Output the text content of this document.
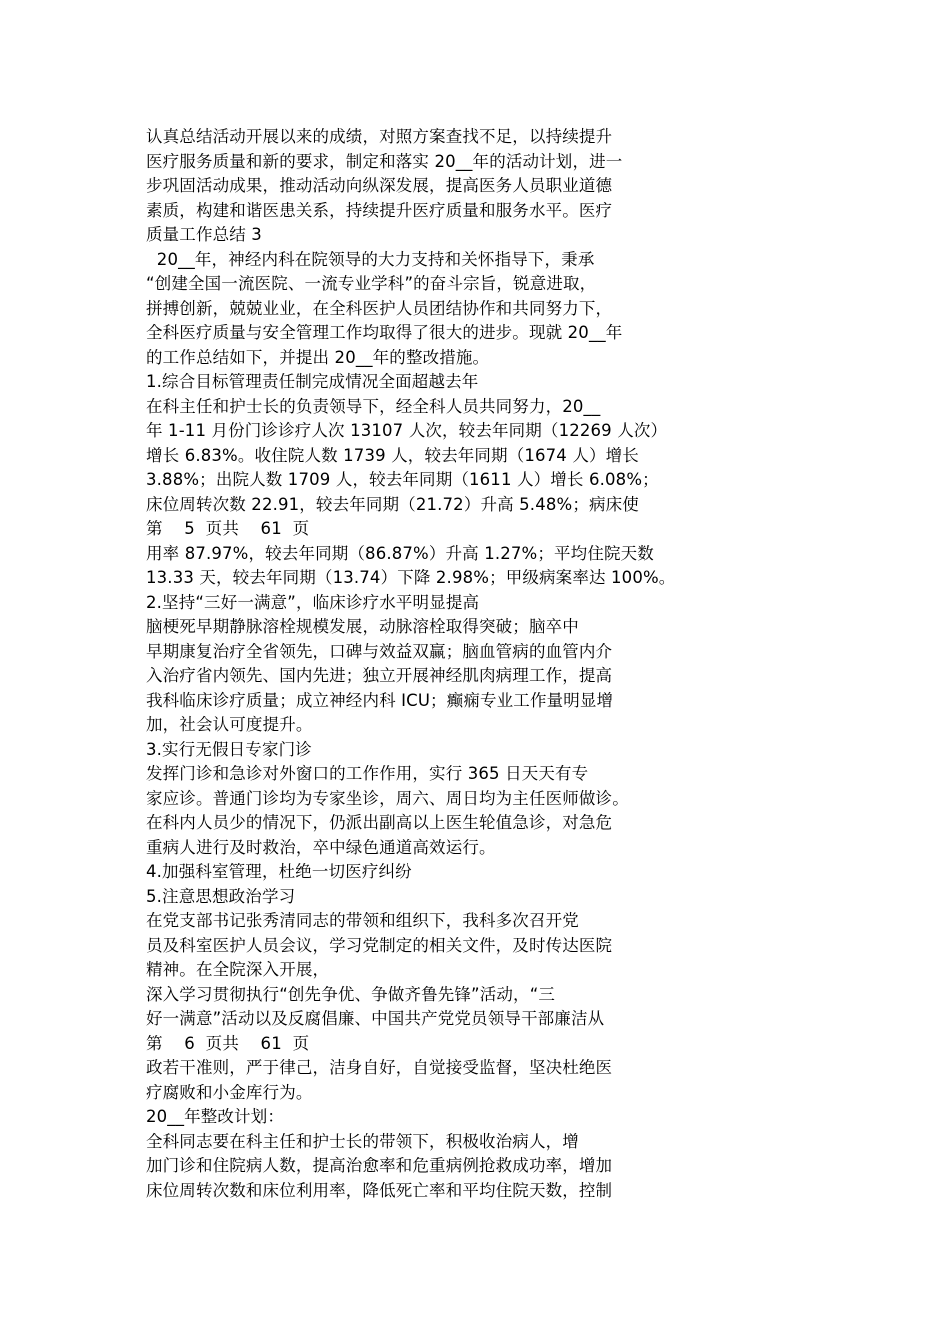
认真总结活动开展以来的成绩，对照方案查找不足，以持续提升
医疗服务质量和新的要求，制定和落实 20__年的活动计划，进一
步巩固活动成果，推动活动向纵深发展，提高医务人员职业道德
素质，构建和谐医患关系，持续提升医疗质量和服务水平。医疗
质量工作总结 3
20__年，神经内科在院领导的大力支持和关怀指导下，秉承
“创建全国一流医院、一流专业学科”的奋斗宗旨，锐意进取，
拼搏创新，兢兢业业，在全科医护人员团结协作和共同努力下，
全科医疗质量与安全管理工作均取得了很大的进步。现就 20__年
的工作总结如下，并提出 20__年的整改措施。
1.综合目标管理责任制完成情况全面超越去年
在科主任和护士长的负责领导下，经全科人员共同努力，20__
年 1-11 月份门诊诊疗人次 13107 人次，较去年同期（12269 人次）
增长 6.83%。收住院人数 1739 人，较去年同期（1674 人）增长
3.88%；出院人数 1709 人，较去年同期（1611 人）增长 6.08%；
床位周转次数 22.91，较去年同期（21.72）升高 5.48%；病床使
第    5  页共    61  页
用率 87.97%，较去年同期（86.87%）升高 1.27%；平均住院天数
13.33 天，较去年同期（13.74）下降 2.98%；甲级病案率达 100%。
2.坚持“三好一满意”，临床诊疗水平明显提高
脑梗死早期静脉溶栓规模发展，动脉溶栓取得突破；脑卒中
早期康复治疗全省领先，口碑与效益双赢；脑血管病的血管内介
入治疗省内领先、国内先进；独立开展神经肌肉病理工作，提高
我科临床诊疗质量；成立神经内科 ICU；癫痫专业工作量明显增
加，社会认可度提升。
3.实行无假日专家门诊
发挥门诊和急诊对外窗口的工作作用，实行 365 日天天有专
家应诊。普通门诊均为专家坐诊，周六、周日均为主任医师做诊。
在科内人员少的情况下，仍派出副高以上医生轮值急诊，对急危
重病人进行及时救治，卒中绿色通道高效运行。
4.加强科室管理，杜绝一切医疗纠纷
5.注意思想政治学习
在党支部书记张秀清同志的带领和组织下，我科多次召开党
员及科室医护人员会议，学习党制定的相关文件，及时传达医院
精神。在全院深入开展，
深入学习贯彻执行“创先争优、争做齐鲁先锋”活动，“三
好一满意”活动以及反腐倡廉、中国共产党党员领导干部廉洁从
第    6  页共    61  页
政若干准则，严于律己，洁身自好，自觉接受监督，坚决杜绝医
疗腐败和小金库行为。
20__年整改计划：
全科同志要在科主任和护士长的带领下，积极收治病人，增
加门诊和住院病人数，提高治愈率和危重病例抢救成功率，增加
床位周转次数和床位利用率，降低死亡率和平均住院天数，控制
